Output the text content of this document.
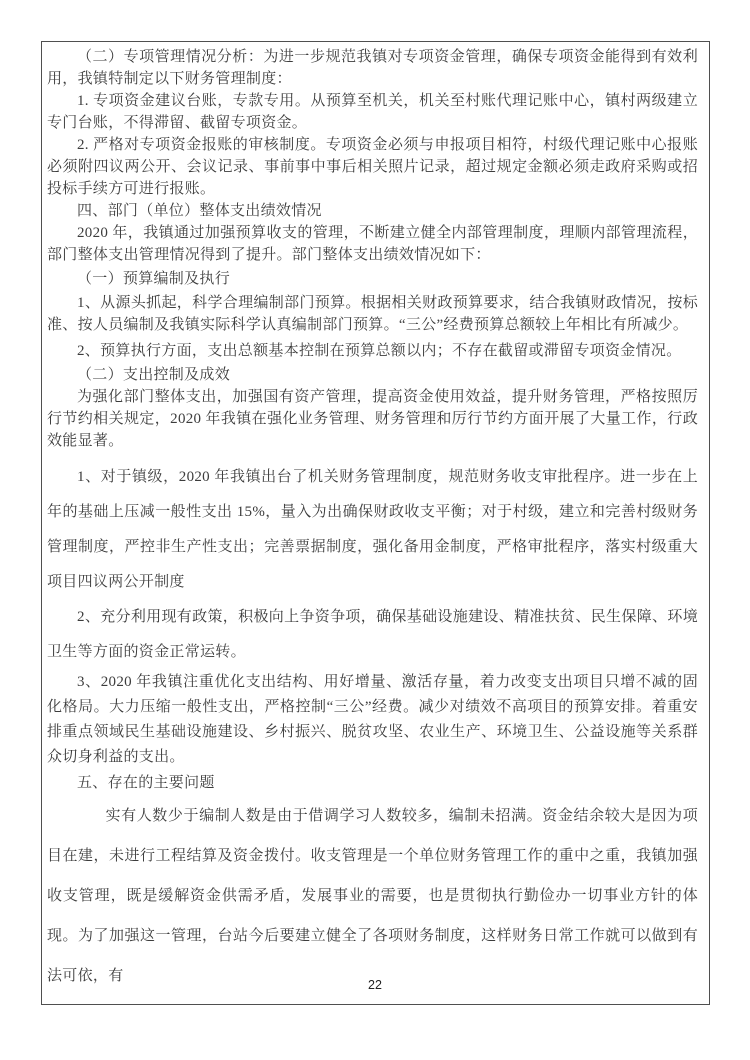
（二）专项管理情况分析：为进一步规范我镇对专项资金管理，确保专项资金能得到有效利用，我镇特制定以下财务管理制度：

1. 专项资金建议台账，专款专用。从预算至机关，机关至村账代理记账中心，镇村两级建立专门台账，不得滞留、截留专项资金。

2. 严格对专项资金报账的审核制度。专项资金必须与申报项目相符，村级代理记账中心报账必须附四议两公开、会议记录、事前事中事后相关照片记录，超过规定金额必须走政府采购或招投标手续方可进行报账。

四、部门（单位）整体支出绩效情况

2020 年，我镇通过加强预算收支的管理，不断建立健全内部管理制度，理顺内部管理流程，部门整体支出管理情况得到了提升。部门整体支出绩效情况如下：

（一）预算编制及执行

1、从源头抓起，科学合理编制部门预算。根据相关财政预算要求，结合我镇财政情况，按标准、按人员编制及我镇实际科学认真编制部门预算。“三公”经费预算总额较上年相比有所减少。

2、预算执行方面，支出总额基本控制在预算总额以内；不存在截留或滞留专项资金情况。

（二）支出控制及成效

为强化部门整体支出，加强国有资产管理，提高资金使用效益，提升财务管理，严格按照厉行节约相关规定，2020 年我镇在强化业务管理、财务管理和厉行节约方面开展了大量工作，行政效能显著。

1、对于镇级，2020 年我镇出台了机关财务管理制度，规范财务收支审批程序。进一步在上年的基础上压减一般性支出 15%，量入为出确保财政收支平衡；对于村级，建立和完善村级财务管理制度，严控非生产性支出；完善票据制度，强化备用金制度，严格审批程序，落实村级重大项目四议两公开制度

2、充分利用现有政策，积极向上争资争项，确保基础设施建设、精准扶贫、民生保障、环境卫生等方面的资金正常运转。

3、2020 年我镇注重优化支出结构、用好增量、激活存量，着力改变支出项目只增不减的固化格局。大力压缩一般性支出，严格控制“三公”经费。减少对绩效不高项目的预算安排。着重安排重点领域民生基础设施建设、乡村振兴、脱贫攻坚、农业生产、环境卫生、公益设施等关系群众切身利益的支出。

五、存在的主要问题

实有人数少于编制人数是由于借调学习人数较多，编制未招满。资金结余较大是因为项目在建，未进行工程结算及资金拨付。收支管理是一个单位财务管理工作的重中之重，我镇加强收支管理，既是缓解资金供需矛盾，发展事业的需要，也是贯彻执行勤俭办一切事业方针的体现。为了加强这一管理，台站今后要建立健全了各项财务制度，这样财务日常工作就可以做到有法可依，有

22
